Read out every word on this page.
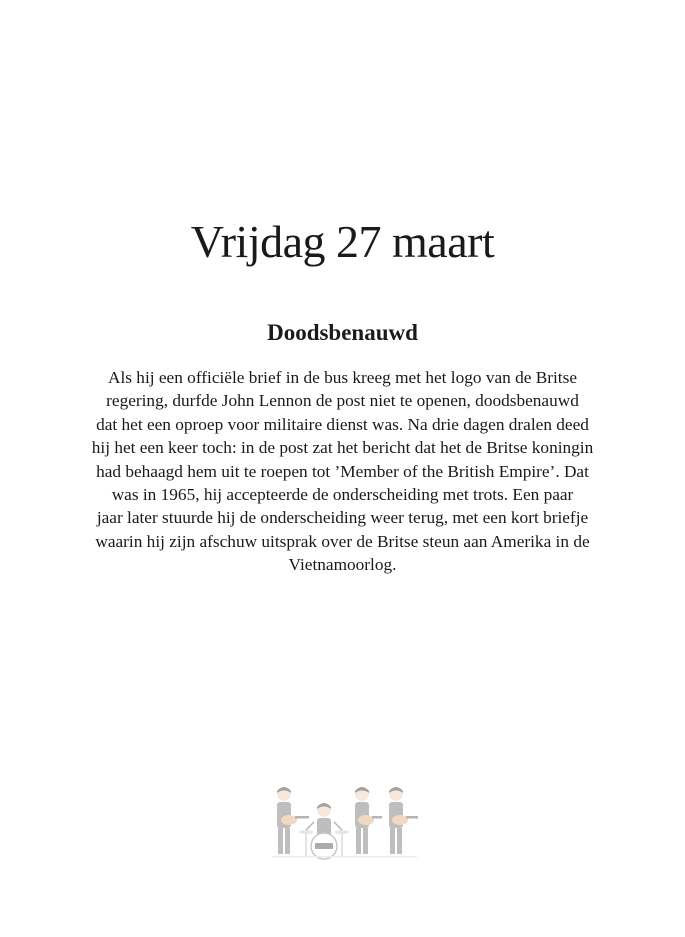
Vrijdag 27 maart
Doodsbenauwd

Als hij een officiële brief in de bus kreeg met het logo van de Britse
regering, durfde John Lennon de post niet te openen, doodsbenauwd
dat het een oproep voor militaire dienst was. Na drie dagen dralen deed
hij het een keer toch: in de post zat het bericht dat het de Britse koningin
had behaagd hem uit te roepen tot ’Member of the British Empire’. Dat
was in 1965, hij accepteerde de onderscheiding met trots. Een paar
jaar later stuurde hij de onderscheiding weer terug, met een kort briefje
waarin hij zijn afschuw uitsprak over de Britse steun aan Amerika in de
Vietnamoorlog.
